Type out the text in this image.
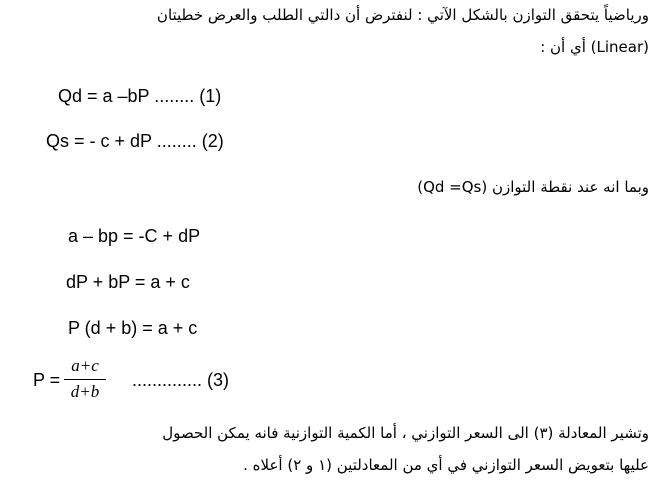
ورياضياً يتحقق التوازن بالشكل الآتي : لنفترض أن دالتي الطلب والعرض خطيتان
(Linear) أي أن :
Qd = a –bP ........ (1)
Qs = - c + dP ........ (2)
وبما انه عند نقطة التوازن (Qd =Qs)
a – bp = -C + dP
dP + bP = a + c
P (d + b) = a + c
P =
a+c
d+b
.............. (3)
وتشير المعادلة (٣) الى السعر التوازني ، أما الكمية التوازنية فانه يمكن الحصول
عليها بتعويض السعر التوازني في أي من المعادلتين (١ و ٢) أعلاه .
